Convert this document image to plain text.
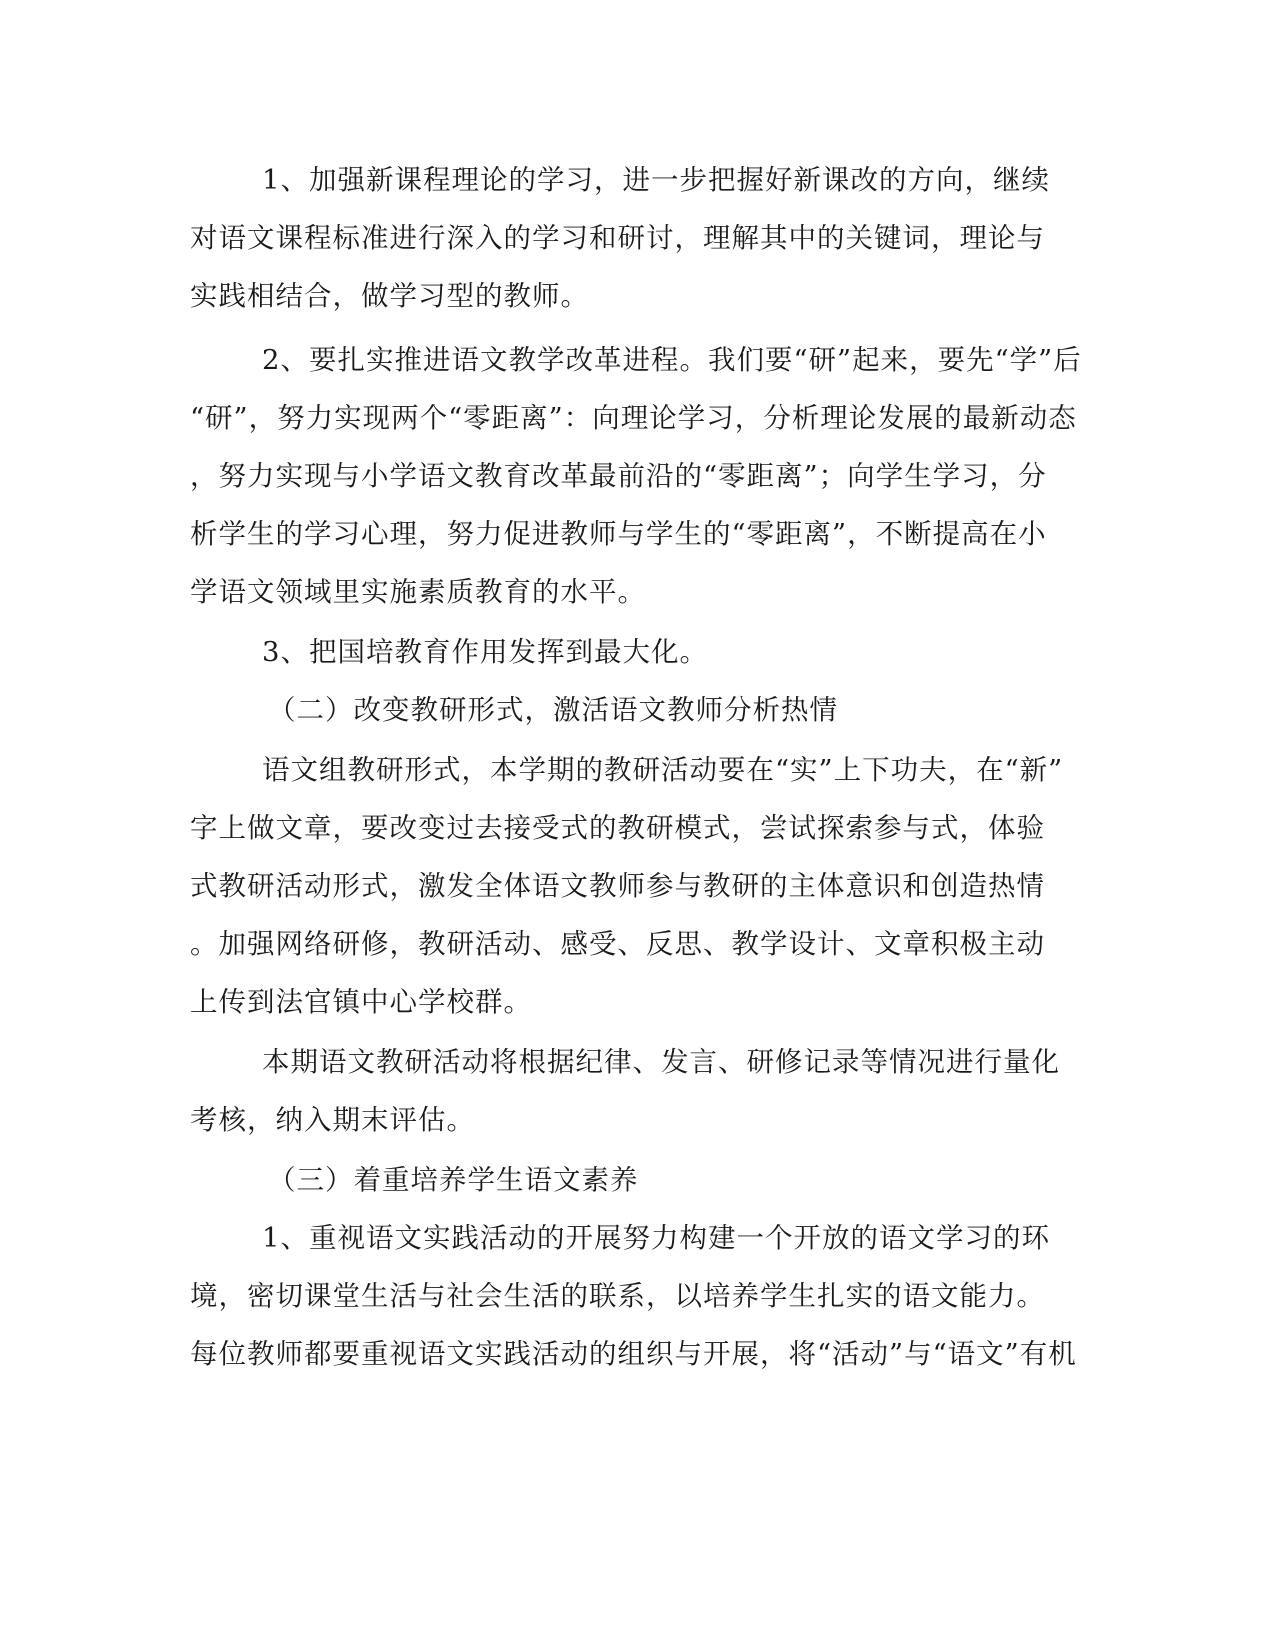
1、加强新课程理论的学习，进一步把握好新课改的方向，继续
对语文课程标准进行深入的学习和研讨，理解其中的关键词，理论与
实践相结合，做学习型的教师。
2、要扎实推进语文教学改革进程。我们要“研”起来，要先“学”后
“研”，努力实现两个“零距离”：向理论学习，分析理论发展的最新动态
，努力实现与小学语文教育改革最前沿的“零距离”；向学生学习，分
析学生的学习心理，努力促进教师与学生的“零距离”，不断提高在小
学语文领域里实施素质教育的水平。
3、把国培教育作用发挥到最大化。
（二）改变教研形式，激活语文教师分析热情
语文组教研形式，本学期的教研活动要在“实”上下功夫，在“新”
字上做文章，要改变过去接受式的教研模式，尝试探索参与式，体验
式教研活动形式，激发全体语文教师参与教研的主体意识和创造热情
。加强网络研修，教研活动、感受、反思、教学设计、文章积极主动
上传到法官镇中心学校群。
本期语文教研活动将根据纪律、发言、研修记录等情况进行量化
考核，纳入期末评估。
（三）着重培养学生语文素养
1、重视语文实践活动的开展努力构建一个开放的语文学习的环
境，密切课堂生活与社会生活的联系，以培养学生扎实的语文能力。
每位教师都要重视语文实践活动的组织与开展，将“活动”与“语文”有机
